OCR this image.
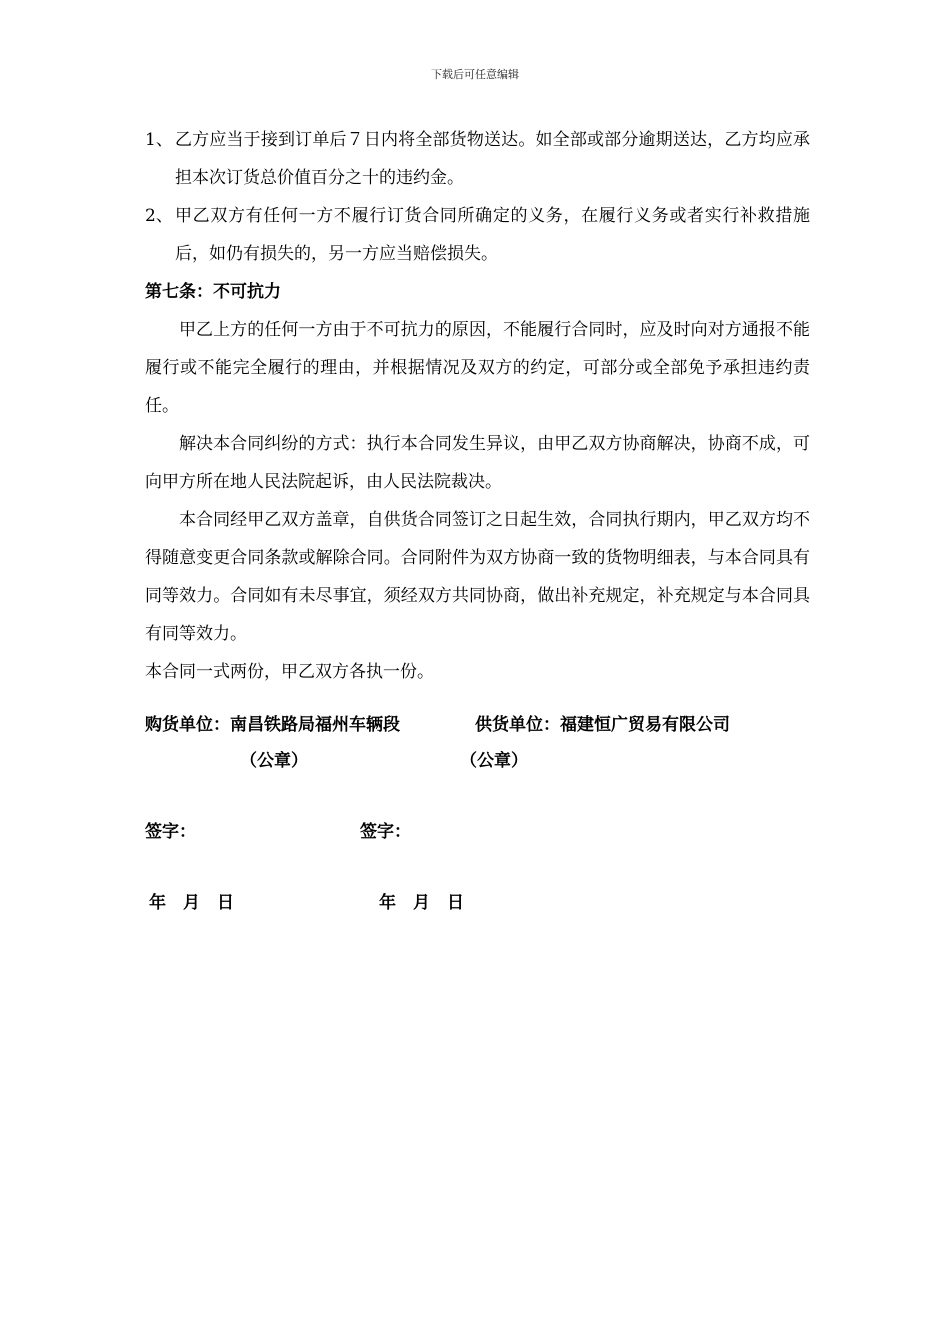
下载后可任意编辑
1、 乙方应当于接到订单后７日内将全部货物送达。如全部或部分逾期送达，乙方均应承担本次订货总价值百分之十的违约金。

2、 甲乙双方有任何一方不履行订货合同所确定的义务，在履行义务或者实行补救措施后，如仍有损失的，另一方应当赔偿损失。

第七条：不可抗力

甲乙上方的任何一方由于不可抗力的原因，不能履行合同时，应及时向对方通报不能履行或不能完全履行的理由，并根据情况及双方的约定，可部分或全部免予承担违约责任。

解决本合同纠纷的方式：执行本合同发生异议，由甲乙双方协商解决，协商不成，可向甲方所在地人民法院起诉，由人民法院裁决。

本合同经甲乙双方盖章，自供货合同签订之日起生效，合同执行期内，甲乙双方均不得随意变更合同条款或解除合同。合同附件为双方协商一致的货物明细表，与本合同具有同等效力。合同如有未尽事宜，须经双方共同协商，做出补充规定，补充规定与本合同具有同等效力。

本合同一式两份，甲乙双方各执一份。

购货单位：南昌铁路局福州车辆段	供货单位：福建恒广贸易有限公司
（公章）	（公章）
签字：	签字：
年　月　日	年　月　日
